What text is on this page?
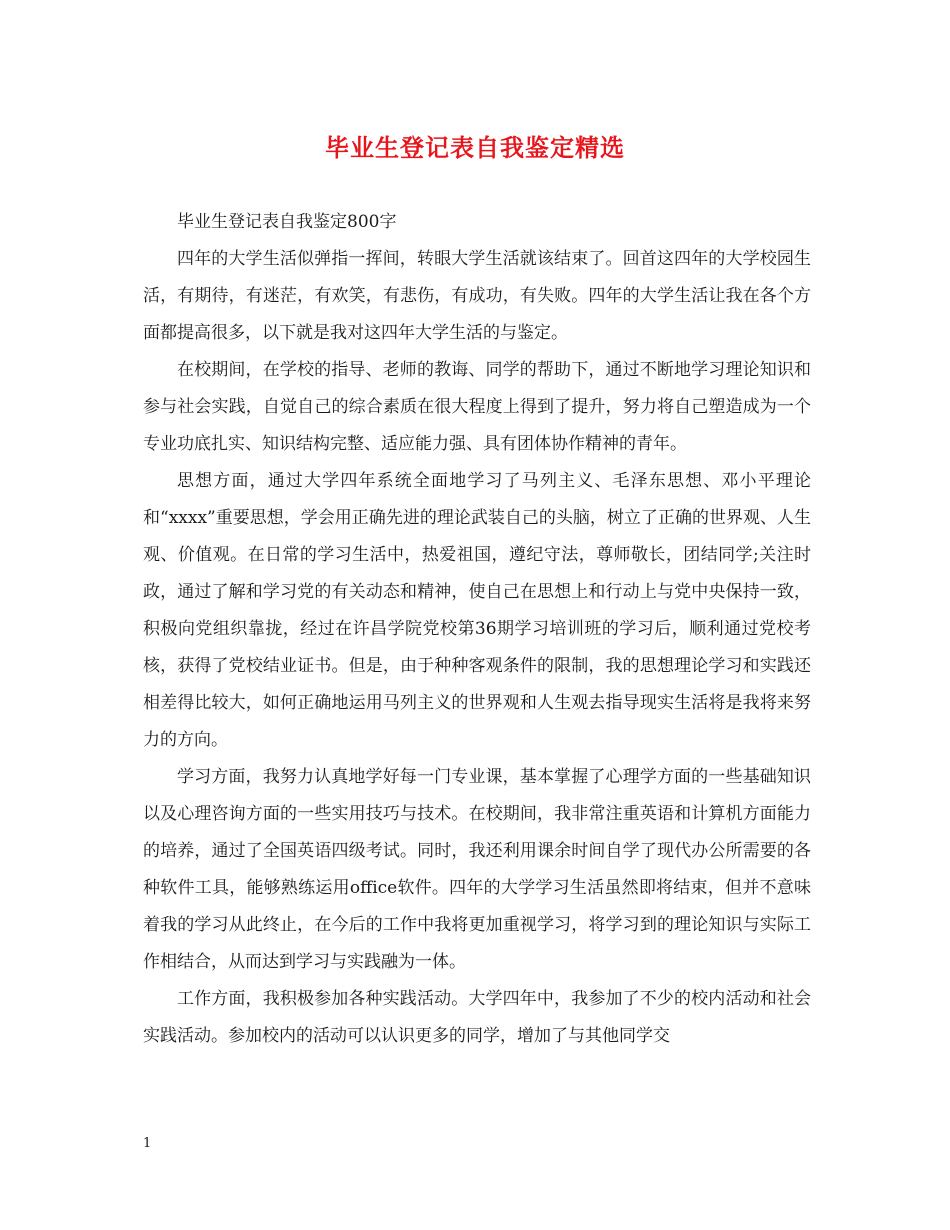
毕业生登记表自我鉴定精选

毕业生登记表自我鉴定800字

四年的大学生活似弹指一挥间，转眼大学生活就该结束了。回首这四年的大学校园生活，有期待，有迷茫，有欢笑，有悲伤，有成功，有失败。四年的大学生活让我在各个方面都提高很多，以下就是我对这四年大学生活的与鉴定。

在校期间，在学校的指导、老师的教诲、同学的帮助下，通过不断地学习理论知识和参与社会实践，自觉自己的综合素质在很大程度上得到了提升，努力将自己塑造成为一个专业功底扎实、知识结构完整、适应能力强、具有团体协作精神的青年。

思想方面，通过大学四年系统全面地学习了马列主义、毛泽东思想、邓小平理论和“xxxx”重要思想，学会用正确先进的理论武装自己的头脑，树立了正确的世界观、人生观、价值观。在日常的学习生活中，热爱祖国，遵纪守法，尊师敬长，团结同学;关注时政，通过了解和学习党的有关动态和精神，使自己在思想上和行动上与党中央保持一致，积极向党组织靠拢，经过在许昌学院党校第36期学习培训班的学习后，顺利通过党校考核，获得了党校结业证书。但是，由于种种客观条件的限制，我的思想理论学习和实践还相差得比较大，如何正确地运用马列主义的世界观和人生观去指导现实生活将是我将来努力的方向。

学习方面，我努力认真地学好每一门专业课，基本掌握了心理学方面的一些基础知识以及心理咨询方面的一些实用技巧与技术。在校期间，我非常注重英语和计算机方面能力的培养，通过了全国英语四级考试。同时，我还利用课余时间自学了现代办公所需要的各种软件工具，能够熟练运用office软件。四年的大学学习生活虽然即将结束，但并不意味着我的学习从此终止，在今后的工作中我将更加重视学习，将学习到的理论知识与实际工作相结合，从而达到学习与实践融为一体。

工作方面，我积极参加各种实践活动。大学四年中，我参加了不少的校内活动和社会实践活动。参加校内的活动可以认识更多的同学，增加了与其他同学交

1
